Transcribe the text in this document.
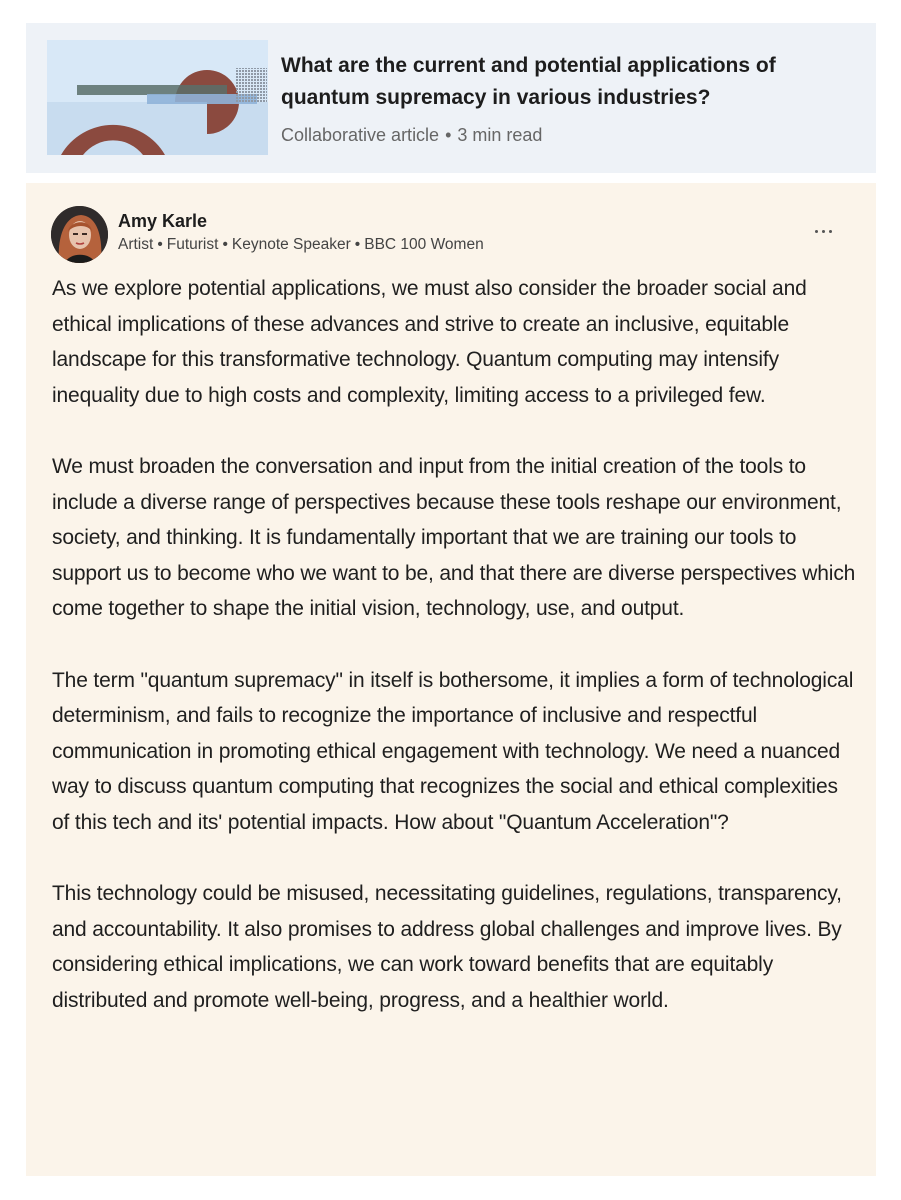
What are the current and potential applications of quantum supremacy in various industries?
Collaborative article • 3 min read
Amy Karle
Artist • Futurist • Keynote Speaker • BBC 100 Women

As we explore potential applications, we must also consider the broader social and ethical implications of these advances and strive to create an inclusive, equitable landscape for this transformative technology. Quantum computing may intensify inequality due to high costs and complexity, limiting access to a privileged few.

We must broaden the conversation and input from the initial creation of the tools to include a diverse range of perspectives because these tools reshape our environment, society, and thinking. It is fundamentally important that we are training our tools to support us to become who we want to be, and that there are diverse perspectives which come together to shape the initial vision, technology, use, and output.

The term "quantum supremacy" in itself is bothersome, it implies a form of technological determinism, and fails to recognize the importance of inclusive and respectful communication in promoting ethical engagement with technology. We need a nuanced way to discuss quantum computing that recognizes the social and ethical complexities of this tech and its' potential impacts. How about "Quantum Acceleration"?

This technology could be misused, necessitating guidelines, regulations, transparency, and accountability. It also promises to address global challenges and improve lives. By considering ethical implications, we can work toward benefits that are equitably distributed and promote well-being, progress, and a healthier world.
